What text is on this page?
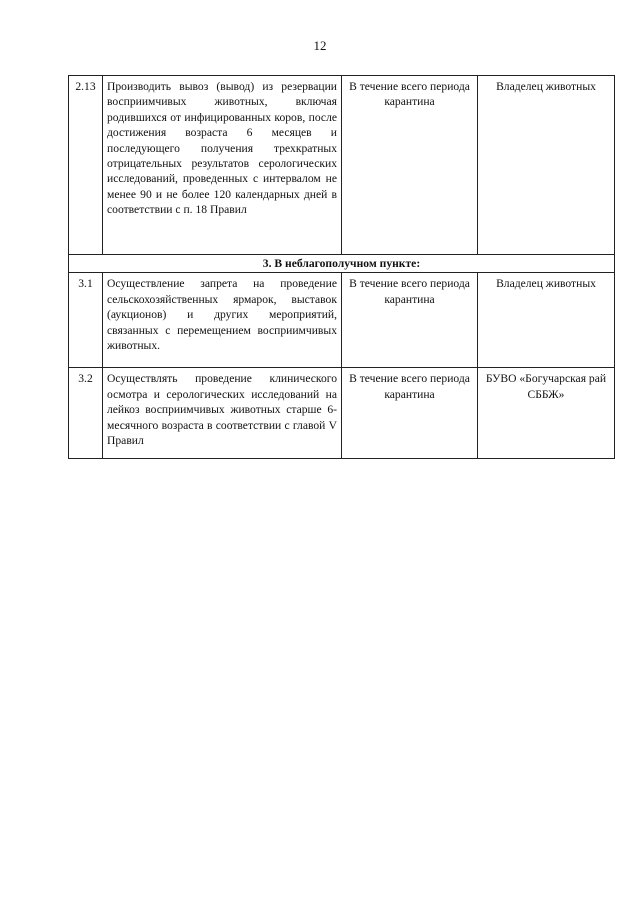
12
2.13	Производить вывоз (вывод) из резервации восприимчивых животных, включая родившихся от инфицированных коров, после достижения возраста 6 месяцев и последующего получения трехкратных отрицательных результатов серологических исследований, проведенных с интервалом не менее 90 и не более 120 календарных дней в соответствии с п. 18 Правил	В течение всего периода карантина	Владелец животных
3. В неблагополучном пункте:			
3.1	Осуществление запрета на проведение сельскохозяйственных ярмарок, выставок (аукционов) и других мероприятий, связанных с перемещением восприимчивых животных.	В течение всего периода карантина	Владелец животных
3.2	Осуществлять проведение клинического осмотра и серологических исследований на лейкоз восприимчивых животных старше 6-месячного возраста в соответствии с главой V Правил	В течение всего периода карантина	БУВО «Богучарская рай СББЖ»
